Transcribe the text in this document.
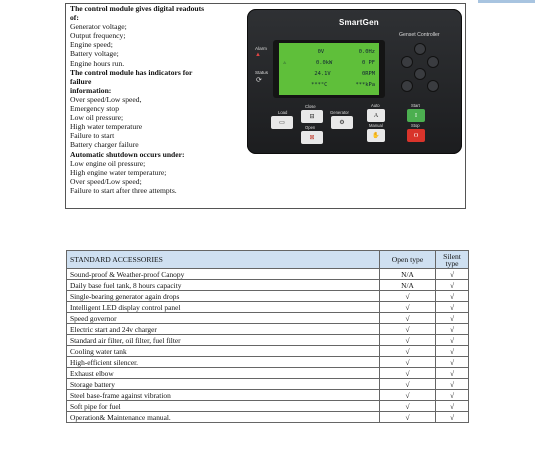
The control module gives digital readouts
of:
Generator voltage;
Output frequency;
Engine speed;
Battery voltage;
Engine hours run.
The control module has indicators for
failure
information:
Over speed/Low speed,
Emergency stop
Low oil pressure;
High water temperature
Failure to start
Battery charger failure
Automatic shutdown occurs under:
Low engine oil pressure;
High engine water temperature;
Over speed/Low speed;
Failure to start after three attempts.
SmartGen
Genset Controller
Alarm
▲
Status
⟳
0V	0.0Hz
⚠	0.0kW	0 PF
24.1V	0RPM
***°C	***kPa
Load
▭
Close
⊟
Open
⊠
Generator
⚙
Auto
A
Manual
✋
Start
I
Stop
O
STANDARD ACCESSORIES	Open type	Silent type
Sound-proof & Weather-proof Canopy	N/A	√
Daily base fuel tank, 8 hours capacity	N/A	√
Single-bearing generator again drops	√	√
Intelligent LED display control panel	√	√
Speed governor	√	√
Electric start and 24v charger	√	√
Standard air filter, oil filter, fuel filter	√	√
Cooling water tank	√	√
High-efficient silencer.	√	√
Exhaust elbow	√	√
Storage battery	√	√
Steel base-frame against vibration	√	√
Soft pipe for fuel	√	√
Operation& Maintenance manual.	√	√
